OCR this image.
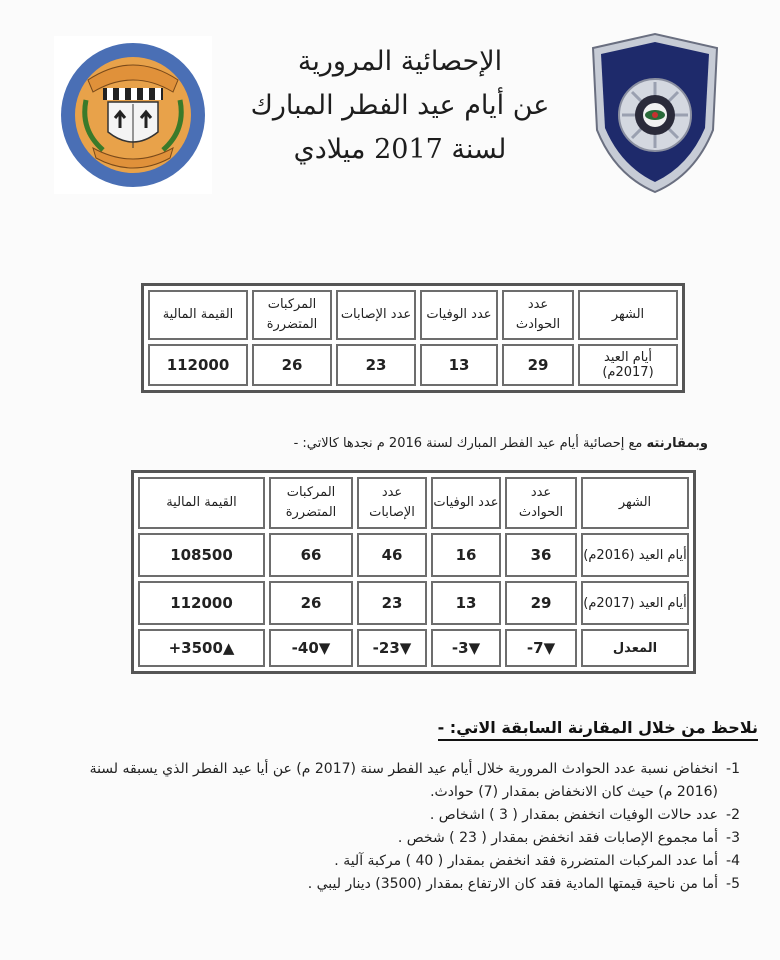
الإحصائية المرورية
عن أيام عيد الفطر المبارك
لسنة 2017 ميلادي
الشهر	عدد الحوادث	عدد الوفيات	عدد الإصابات	المركبات المتضررة	القيمة المالية
أيام العيد (2017م)	29	13	23	26	112000
وبمقارنته مع إحصائية أيام عيد الفطر المبارك لسنة 2016 م نجدها كالاتي: -
الشهر	عدد الحوادث	عدد الوفيات	عدد الإصابات	المركبات المتضررة	القيمة المالية
أيام العيد (2016م)	36	16	46	66	108500
أيام العيد (2017م)	29	13	23	26	112000
المعدل	▼7-	▼3-	▼23-	▼40-	▲3500+
نلاحظ من خلال المقارنة السابقة الاتي: -
1-
انخفاض نسبة عدد الحوادث المرورية خلال أيام عيد الفطر سنة (2017 م) عن أيا عيد الفطر الذي يسبقه لسنة (2016 م) حيث كان الانخفاض بمقدار (7) حوادث.
2-
عدد حالات الوفيات انخفض بمقدار ( 3 ) اشخاص .
3-
أما مجموع الإصابات فقد انخفض بمقدار ( 23 ) شخص .
4-
أما عدد المركبات المتضررة فقد انخفض بمقدار ( 40 ) مركبة آلية .
5-
أما من ناحية قيمتها المادية فقد كان الارتفاع بمقدار (3500) دينار ليبي .
